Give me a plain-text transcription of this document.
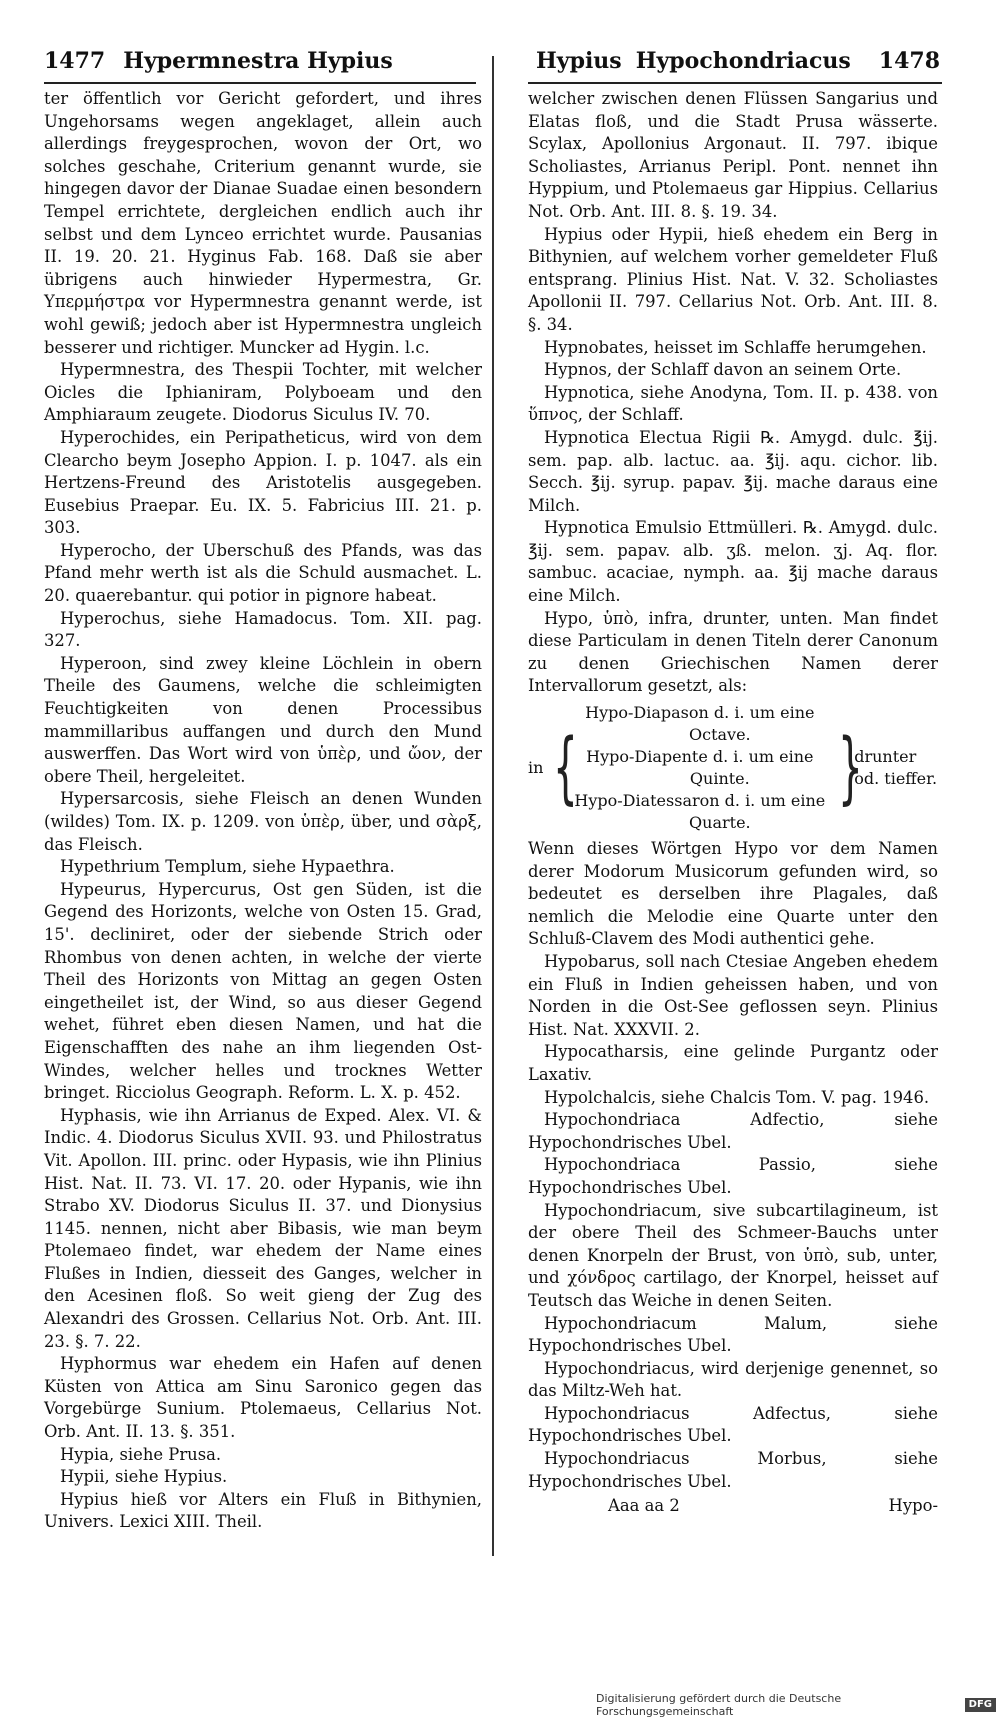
1477 Hypermnestra Hypius	Hypius Hypochondriacus 1478

ter öffentlich vor Gericht gefordert, und ihres Ungehorsams wegen angeklaget, allein auch allerdings freygesprochen, wovon der Ort, wo solches geschahe, Criterium genannt wurde, sie hingegen davor der Dianae Suadae einen besondern Tempel errichtete, dergleichen endlich auch ihr selbst und dem Lynceo errichtet wurde. Pausanias II. 19. 20. 21. Hyginus Fab. 168. Daß sie aber übrigens auch hinwieder Hypermestra, Gr. Υπερμήστρα vor Hypermnestra genannt werde, ist wohl gewiß; jedoch aber ist Hypermnestra ungleich besserer und richtiger. Muncker ad Hygin. l.c.

Hypermnestra, des Thespii Tochter, mit welcher Oicles die Iphianiram, Polyboeam und den Amphiaraum zeugete. Diodorus Siculus IV. 70.

Hyperochides, ein Peripatheticus, wird von dem Clearcho beym Josepho Appion. I. p. 1047. als ein Hertzens-Freund des Aristotelis ausgegeben. Eusebius Praepar. Eu. IX. 5. Fabricius III. 21. p. 303.

Hyperocho, der Uberschuß des Pfands, was das Pfand mehr werth ist als die Schuld ausmachet. L. 20. quaerebantur. qui potior in pignore habeat.

Hyperochus, siehe Hamadocus. Tom. XII. pag. 327.

Hyperoon, sind zwey kleine Löchlein in obern Theile des Gaumens, welche die schleimigten Feuchtigkeiten von denen Processibus mammillaribus auffangen und durch den Mund auswerffen. Das Wort wird von ὑπὲρ, und ὤον, der obere Theil, hergeleitet.

Hypersarcosis, siehe Fleisch an denen Wunden (wildes) Tom. IX. p. 1209. von ὑπὲρ, über, und σὰρξ, das Fleisch.

Hypethrium Templum, siehe Hypaethra.

Hypeurus, Hypercurus, Ost gen Süden, ist die Gegend des Horizonts, welche von Osten 15. Grad, 15'. decliniret, oder der siebende Strich oder Rhombus von denen achten, in welche der vierte Theil des Horizonts von Mittag an gegen Osten eingetheilet ist, der Wind, so aus dieser Gegend wehet, führet eben diesen Namen, und hat die Eigenschafften des nahe an ihm liegenden Ost-Windes, welcher helles und trocknes Wetter bringet. Ricciolus Geograph. Reform. L. X. p. 452.

Hyphasis, wie ihn Arrianus de Exped. Alex. VI. & Indic. 4. Diodorus Siculus XVII. 93. und Philostratus Vit. Apollon. III. princ. oder Hypasis, wie ihn Plinius Hist. Nat. II. 73. VI. 17. 20. oder Hypanis, wie ihn Strabo XV. Diodorus Siculus II. 37. und Dionysius 1145. nennen, nicht aber Bibasis, wie man beym Ptolemaeo findet, war ehedem der Name eines Flußes in Indien, diesseit des Ganges, welcher in den Acesinen floß. So weit gieng der Zug des Alexandri des Grossen. Cellarius Not. Orb. Ant. III. 23. §. 7. 22.

Hyphormus war ehedem ein Hafen auf denen Küsten von Attica am Sinu Saronico gegen das Vorgebürge Sunium. Ptolemaeus, Cellarius Not. Orb. Ant. II. 13. §. 351.

Hypia, siehe Prusa.

Hypii, siehe Hypius.

Hypius hieß vor Alters ein Fluß in Bithynien, Univers. Lexici XIII. Theil.

welcher zwischen denen Flüssen Sangarius und Elatas floß, und die Stadt Prusa wässerte. Scylax, Apollonius Argonaut. II. 797. ibique Scholiastes, Arrianus Peripl. Pont. nennet ihn Hyppium, und Ptolemaeus gar Hippius. Cellarius Not. Orb. Ant. III. 8. §. 19. 34.

Hypius oder Hypii, hieß ehedem ein Berg in Bithynien, auf welchem vorher gemeldeter Fluß entsprang. Plinius Hist. Nat. V. 32. Scholiastes Apollonii II. 797. Cellarius Not. Orb. Ant. III. 8. §. 34.

Hypnobates, heisset im Schlaffe herumgehen.

Hypnos, der Schlaff davon an seinem Orte.

Hypnotica, siehe Anodyna, Tom. II. p. 438. von ὕπνος, der Schlaff.

Hypnotica Electua Rigii ℞. Amygd. dulc. ℥ij. sem. pap. alb. lactuc. aa. ℥ij. aqu. cichor. lib. Secch. ℥ij. syrup. papav. ℥ij. mache daraus eine Milch.

Hypnotica Emulsio Ettmülleri. ℞. Amygd. dulc. ℥ij. sem. papav. alb. ʒß. melon. ʒj. Aq. flor. sambuc. acaciae, nymph. aa. ℥ij mache daraus eine Milch.

Hypo, ὑπὸ, infra, drunter, unten. Man findet diese Particulam in denen Titeln derer Canonum zu denen Griechischen Namen derer Intervallorum gesetzt, als:

in {
Hypo-Diapason d. i. um eine
Octave.
Hypo-Diapente d. i. um eine
Quinte.
Hypo-Diatessaron d. i. um eine
Quarte.
}
drunter od. tieffer.

Wenn dieses Wörtgen Hypo vor dem Namen derer Modorum Musicorum gefunden wird, so bedeutet es derselben ihre Plagales, daß nemlich die Melodie eine Quarte unter den Schluß-Clavem des Modi authentici gehe.

Hypobarus, soll nach Ctesiae Angeben ehedem ein Fluß in Indien geheissen haben, und von Norden in die Ost-See geflossen seyn. Plinius Hist. Nat. XXXVII. 2.

Hypocatharsis, eine gelinde Purgantz oder Laxativ.

Hypolchalcis, siehe Chalcis Tom. V. pag. 1946.

Hypochondriaca Adfectio, siehe Hypochondrisches Ubel.

Hypochondriaca Passio, siehe Hypochondrisches Ubel.

Hypochondriacum, sive subcartilagineum, ist der obere Theil des Schmeer-Bauchs unter denen Knorpeln der Brust, von ὑπὸ, sub, unter, und χόνδρος cartilago, der Knorpel, heisset auf Teutsch das Weiche in denen Seiten.

Hypochondriacum Malum, siehe Hypochondrisches Ubel.

Hypochondriacus, wird derjenige genennet, so das Miltz-Weh hat.

Hypochondriacus Adfectus, siehe Hypochondrisches Ubel.

Hypochondriacus Morbus, siehe Hypochondrisches Ubel.

Aaa aa 2	Hypo-
Digitalisierung gefördert durch die Deutsche Forschungsgemeinschaft
DFG
